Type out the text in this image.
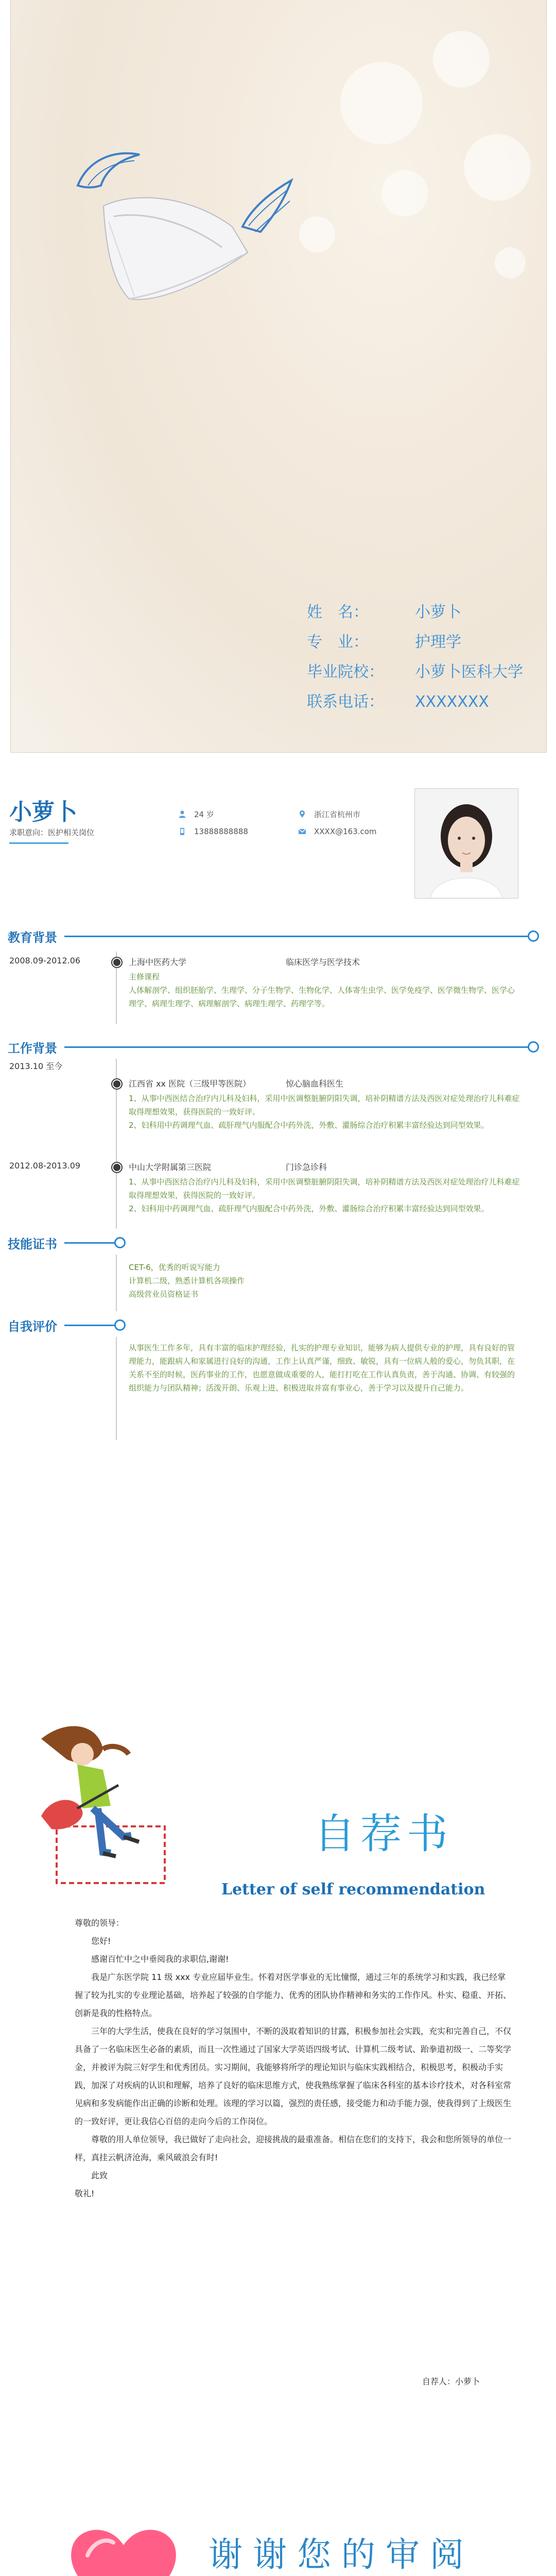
姓　名：	小萝卜
专　业：	护理学
毕业院校：	小萝卜医科大学
联系电话：	XXXXXXX
小萝卜
求职意向：医护相关岗位
24 岁
13888888888
浙江省杭州市
XXXX@163.com
教育背景
2008.09-2012.06	上海中医药大学	临床医学与医学技术
主修课程
人体解剖学、组织胚胎学、生理学、分子生物学、生物化学、人体寄生虫学、医学免疫学、医学微生物学、医学心理学、病理生理学、病理解剖学、病理生理学、药理学等。
工作背景
2013.10 至今
江西省 xx 医院（三级甲等医院）	惊心脑血科医生
1、从事中西医结合治疗内儿科及妇科，采用中医调整脏腑阴阳失调，培补阴精谱方法及西医对症处理治疗儿科难症取得理想效果，获得医院的一致好评。
2、妇科用中药调理气血、疏肝理气内服配合中药外洗，外敷、灌肠综合治疗积累丰富经验达到同型效果。
2012.08-2013.09	中山大学附属第三医院	门诊急诊科
1、从事中西医结合治疗内儿科及妇科，采用中医调整脏腑阴阳失调，培补阴精谱方法及西医对症处理治疗儿科难症取得理想效果，获得医院的一致好评。
2、妇科用中药调理气血、疏肝理气内服配合中药外洗，外敷、灌肠综合治疗积累丰富经验达到同型效果。
技能证书
CET-6，优秀的听说写能力
计算机二级，熟悉计算机各项操作
高级营业员资格证书
自我评价
从事医生工作多年，具有丰富的临床护理经验，扎实的护理专业知识，能够为病人提供专业的护理，具有良好的管理能力，能跟病人和家属进行良好的沟通，工作上认真严谨，细致、敏锐，具有一位病人般的爱心，勿负其职，在关系不至的时候，医药事业的工作，也愿意做成重要的人，能打打吃在工作认真负责，善于沟通、协调、有较强的组织能力与团队精神；活泼开朗、乐观上进、积极进取并富有事业心，善于学习以及提升自己能力。
自荐书
Letter of self recommendation

尊敬的领导：

您好!

感谢百忙中之中垂阅我的求职信,谢谢!

我是广东医学院 11 级 xxx 专业应届毕业生。怀着对医学事业的无比憧憬，通过三年的系统学习和实践，我已经掌握了较为扎实的专业理论基础，培养起了较强的自学能力、优秀的团队协作精神和务实的工作作风。朴实、稳重、开拓、创新是我的性格特点。

三年的大学生活，使我在良好的学习氛围中，不断的汲取着知识的甘露，积极参加社会实践，充实和完善自己，不仅具备了一名临床医生必备的素质，而且一次性通过了国家大学英语四级考试、计算机二级考试、跆拳道初级一、二等奖学金，并被评为院三好学生和优秀团员。实习期间，我能够将所学的理论知识与临床实践相结合，积极思考，积极动手实践，加深了对疾病的认识和理解，培养了良好的临床思维方式，使我熟练掌握了临床各科室的基本诊疗技术，对各科室常见病和多发病能作出正确的诊断和处理。该理的学习以篇，强烈的责任感，接受能力和动手能力强，使我得到了上级医生的一致好评，更让我信心百倍的走向今后的工作岗位。

尊敬的用人单位领导，我已做好了走向社会，迎接挑战的最重准备。相信在您们的支持下，我会和您所领导的单位一样，真挂云帆济沧海，乘风破浪会有时!

此致

敬礼!

自荐人：小萝卜
谢谢您的审阅
